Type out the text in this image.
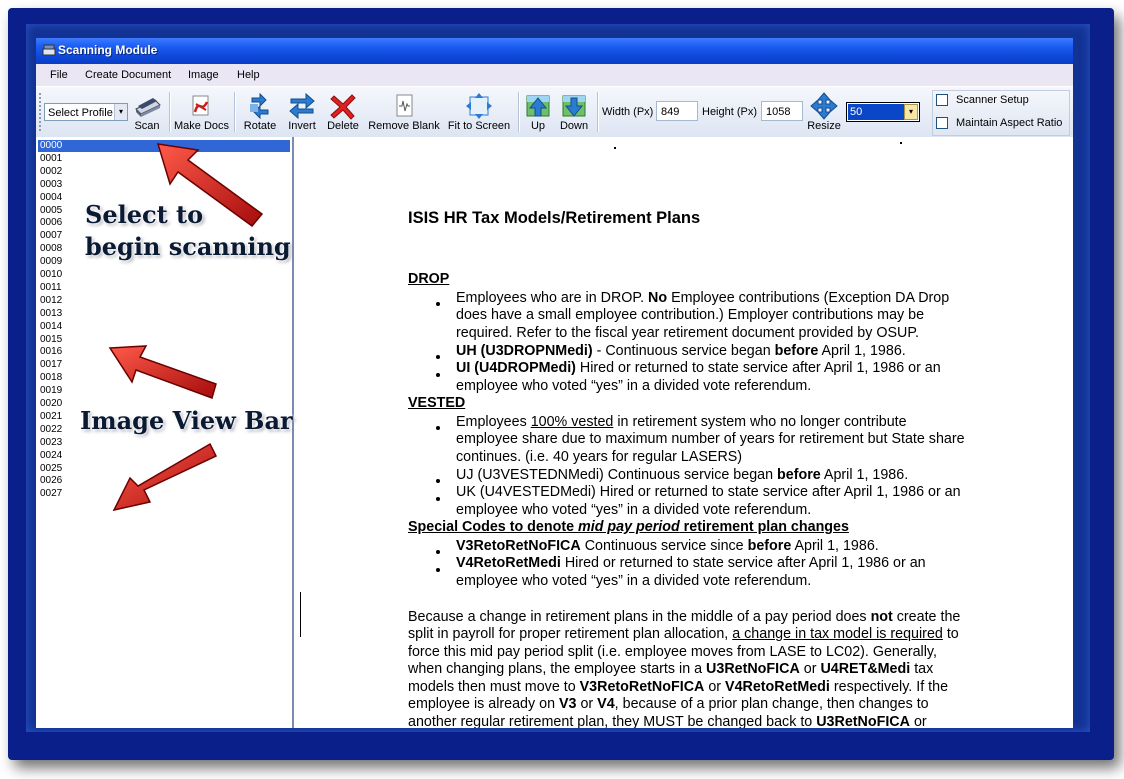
Scanning Module
File Create Document Image Help
Select Profile ▾
Scan	Make Docs Rotate Invert Delete Remove Blank Fit to Screen	Up	Down
Width (Px) 849	Height (Px) 1058
Resize
50	▾
Scanner Setup
Maintain Aspect Ratio
0000
0001
0002
0003
0004
0005
0006
0007
0008
0009
0010
0011
0012
0013
0014
0015
0016
0017
0018
0019
0020
0021
0022
0023
0024
0025
0026
0027
ISIS HR Tax Models/Retirement Plans
DROP
Employees who are in DROP. No Employee contributions (Exception DA Drop
does have a small employee contribution.) Employer contributions may be
required. Refer to the fiscal year retirement document provided by OSUP.
UH (U3DROPNMedi) - Continuous service began before April 1, 1986.
UI (U4DROPMedi) Hired or returned to state service after April 1, 1986 or an
employee who voted “yes” in a divided vote referendum.
VESTED
Employees 100% vested in retirement system who no longer contribute
employee share due to maximum number of years for retirement but State share
continues. (i.e. 40 years for regular LASERS)
UJ (U3VESTEDNMedi) Continuous service began before April 1, 1986.
UK (U4VESTEDMedi) Hired or returned to state service after April 1, 1986 or an
employee who voted “yes” in a divided vote referendum.
Special Codes to denote mid pay period retirement plan changes
V3RetoRetNoFICA Continuous service since before April 1, 1986.
V4RetoRetMedi Hired or returned to state service after April 1, 1986 or an
employee who voted “yes” in a divided vote referendum.
Because a change in retirement plans in the middle of a pay period does not create the
split in payroll for proper retirement plan allocation, a change in tax model is required to
force this mid pay period split (i.e. employee moves from LASE to LC02). Generally,
when changing plans, the employee starts in a U3RetNoFICA or U4RET&Medi tax
models then must move to V3RetoRetNoFICA or V4RetoRetMedi respectively. If the
employee is already on V3 or V4, because of a prior plan change, then changes to
another regular retirement plan, they MUST be changed back to U3RetNoFICA or
Select to
begin scanning
Image View Bar
